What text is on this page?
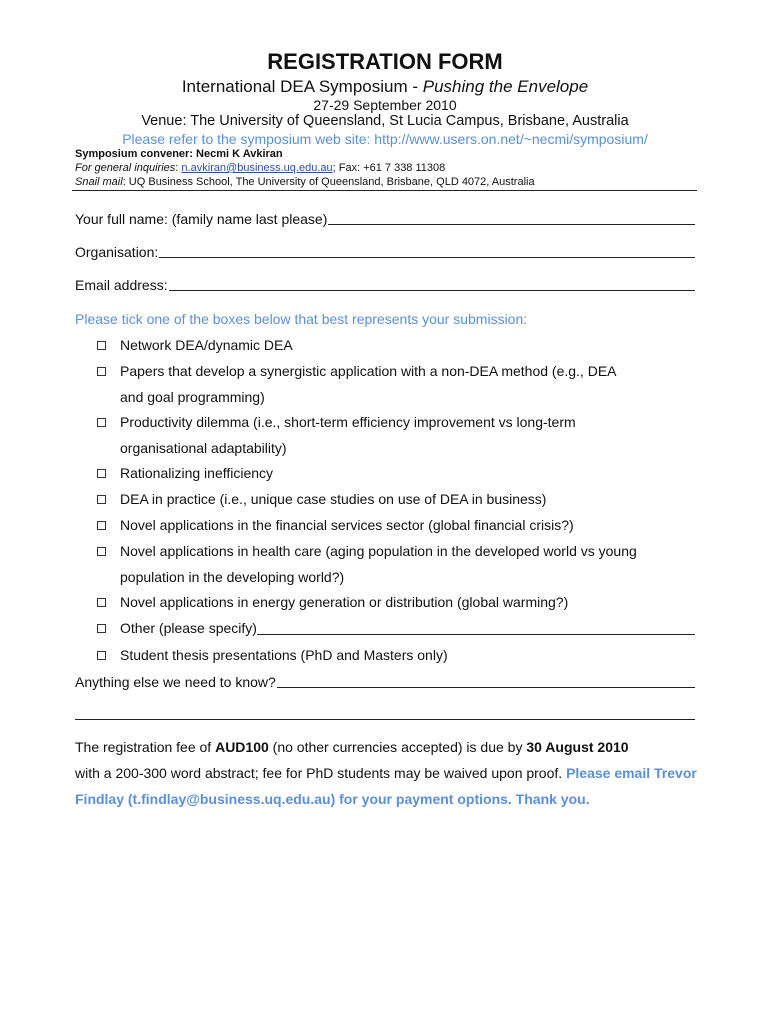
REGISTRATION FORM
International DEA Symposium - Pushing the Envelope
27-29 September 2010
Venue: The University of Queensland, St Lucia Campus, Brisbane, Australia
Please refer to the symposium web site: http://www.users.on.net/~necmi/symposium/
Symposium convener: Necmi K Avkiran
For general inquiries: n.avkiran@business.uq.edu.au; Fax: +61 7 338 11308
Snail mail: UQ Business School, The University of Queensland, Brisbane, QLD 4072, Australia
Your full name: (family name last please)
Organisation:
Email address:
Please tick one of the boxes below that best represents your submission:
Network DEA/dynamic DEA
Papers that develop a synergistic application with a non-DEA method (e.g., DEA
and goal programming)
Productivity dilemma (i.e., short-term efficiency improvement vs long-term
organisational adaptability)
Rationalizing inefficiency
DEA in practice (i.e., unique case studies on use of DEA in business)
Novel applications in the financial services sector (global financial crisis?)
Novel applications in health care (aging population in the developed world vs young
population in the developing world?)
Novel applications in energy generation or distribution (global warming?)
Other (please specify)
Student thesis presentations (PhD and Masters only)
Anything else we need to know?
The registration fee of AUD100 (no other currencies accepted) is due by 30 August 2010
with a 200-300 word abstract; fee for PhD students may be waived upon proof. Please email Trevor Findlay (t.findlay@business.uq.edu.au) for your payment options. Thank you.
